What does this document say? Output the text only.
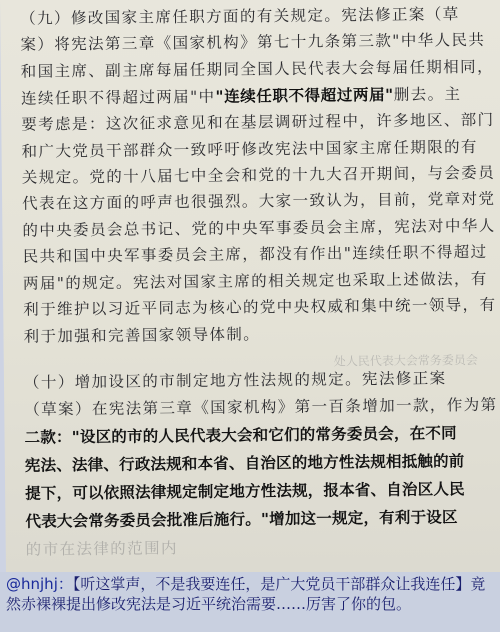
（九）修改国家主席任职方面的有关规定。宪法修正案（草
案）将宪法第三章《国家机构》第七十九条第三款"中华人民共
和国主席、副主席每届任期同全国人民代表大会每届任期相同，
连续任职不得超过两届"中"连续任职不得超过两届"删去。主
要考虑是：这次征求意见和在基层调研过程中，许多地区、部门
和广大党员干部群众一致呼吁修改宪法中国家主席任期限的有
关规定。党的十八届七中全会和党的十九大召开期间，与会委员
代表在这方面的呼声也很强烈。大家一致认为，目前，党章对党
的中央委员会总书记、党的中央军事委员会主席，宪法对中华人
民共和国中央军事委员会主席，都没有作出"连续任职不得超过
两届"的规定。宪法对国家主席的相关规定也采取上述做法，有
利于维护以习近平同志为核心的党中央权威和集中统一领导，有
利于加强和完善国家领导体制。
处人民代表大会常务委员会
（十）增加设区的市制定地方性法规的规定。宪法修正案
（草案）在宪法第三章《国家机构》第一百条增加一款，作为第
二款："设区的市的人民代表大会和它们的常务委员会，在不同
宪法、法律、行政法规和本省、自治区的地方性法规相抵触的前
提下，可以依照法律规定制定地方性法规，报本省、自治区人民
代表大会常务委员会批准后施行。"增加这一规定，有利于设区
的市在法律的范围内
@hnjhj：【听这掌声，不是我要连任，是广大党员干部群众让我连任】竟然赤裸裸提出修改宪法是习近平统治需要……厉害了你的包。
